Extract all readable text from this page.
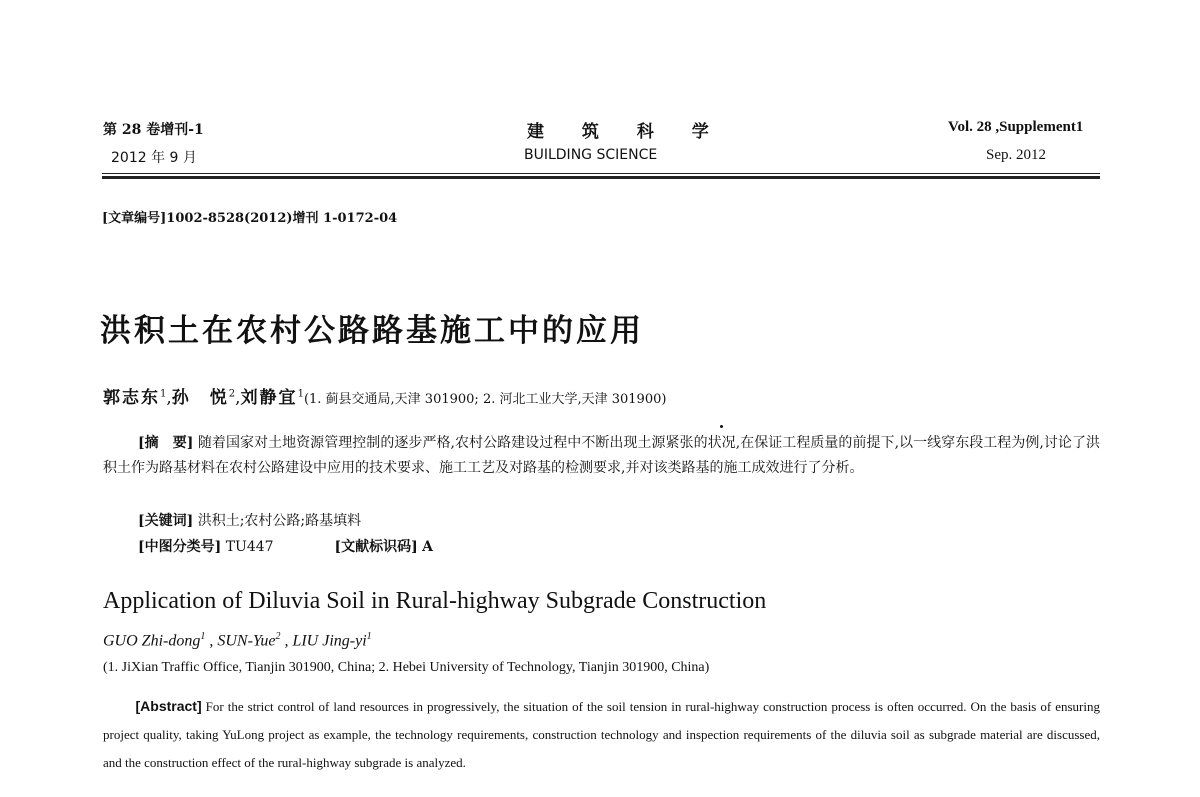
第 28 卷增刊-1
2012 年 9 月
建 筑 科 学
BUILDING SCIENCE
Vol. 28 ,Supplement1
Sep. 2012
[文章编号]1002-8528(2012)增刊 1-0172-04
洪积土在农村公路路基施工中的应用
郭志东$^1$,孙　悦$^2$,刘静宜$^1$(1. 蓟县交通局,天津 301900; 2. 河北工业大学,天津 301900)
[摘　要] 随着国家对土地资源管理控制的逐步严格,农村公路建设过程中不断出现土源紧张的状况,在保证工程质量的前提下,以一线穿东段工程为例,讨论了洪积土作为路基材料在农村公路建设中应用的技术要求、施工工艺及对路基的检测要求,并对该类路基的施工成效进行了分析。
[关键词] 洪积土;农村公路;路基填料
[中图分类号] TU447	[文献标识码] A
Application of Diluvia Soil in Rural-highway Subgrade Construction
GUO Zhi-dong$^1$ , SUN-Yue$^2$ , LIU Jing-$yi^1$
(1. JiXian Traffic Office, Tianjin 301900, China; 2. Hebei University of Technology, Tianjin 301900, China)
[Abstract] For the strict control of land resources in progressively, the situation of the soil tension in rural-highway construction process is often occurred. On the basis of ensuring project quality, taking YuLong project as example, the technology requirements, construction technology and inspection requirements of the diluvia soil as subgrade material are discussed, and the construction effect of the rural-highway subgrade is analyzed.
